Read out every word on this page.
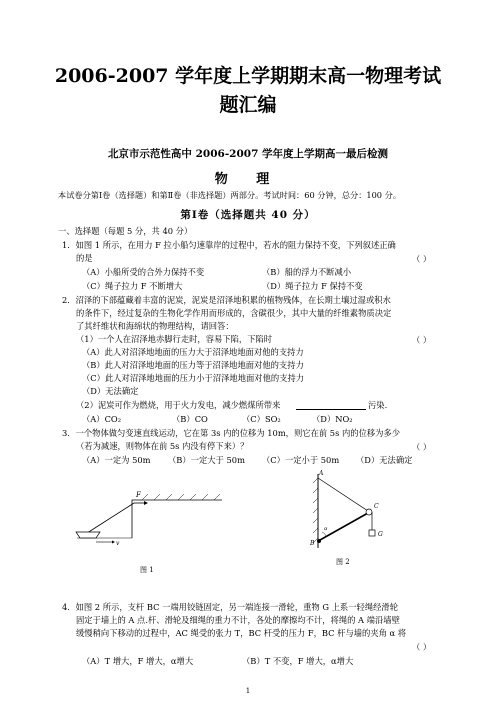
2006-2007 学年度上学期期末高一物理考试
题汇编
北京市示范性高中 2006-2007 学年度上学期高一最后检测
物 理
本试卷分第Ⅰ卷（选择题）和第Ⅱ卷（非选择题）两部分。考试时间：60 分钟，总分：100 分。
第Ⅰ卷（选择题共 40 分）
一、选择题（每题 5 分，共 40 分）
1．如图 1 所示，在用力 F 拉小船匀速靠岸的过程中，若水的阻力保持不变，下列叙述正确
的是	（ ）
（A）小船所受的合外力保持不变	（B）船的浮力不断减小
（C）绳子拉力 F 不断增大	（D）绳子拉力 F 保持不变
2．沼泽的下部蕴藏着丰富的泥炭，泥炭是沼泽地积累的植物残体，在长期土壤过湿或积水
的条件下，经过复杂的生物化学作用而形成的，含碳很少，其中大量的纤维素物质决定
了其纤维状和海绵状的物理结构，请回答：
（1）一个人在沼泽地赤脚行走时，容易下陷，下陷时	（ ）
（A）此人对沼泽地地面的压力大于沼泽地地面对他的支持力
（B）此人对沼泽地地面的压力等于沼泽地地面对他的支持力
（C）此人对沼泽地地面的压力小于沼泽地地面对他的支持力
（D）无法确定
（2）泥炭可作为燃烧，用于火力发电，减少燃煤所带来	污染.
（A）CO₂	（B）CO	（C）SO₂	（D）NO₂
3．一个物体做匀变速直线运动，它在第 3s 内的位移为 10m，则它在前 5s 内的位移为多少
（若为减速，则物体在前 5s 内没有停下来）？	（ ）
（A）一定为 50m （B）一定大于 50m （C）一定小于 50m （D）无法确定
F
v
图 1
A
B
C
G
α
图 2
4．如图 2 所示，支杆 BC 一端用铰链固定，另一端连接一滑轮，重物 G 上系一轻绳经滑轮
固定于墙上的 A 点.杆、滑轮及细绳的重力不计，各处的摩擦均不计，将绳的 A 端沿墙壁
缓慢稍向下移动的过程中，AC 绳受的张力 T，BC 杆受的压力 F，BC 杆与墙的夹角 α 将
（ ）
（A）T 增大，F 增大，α增大	（B）T 不变，F 增大，α增大
1
